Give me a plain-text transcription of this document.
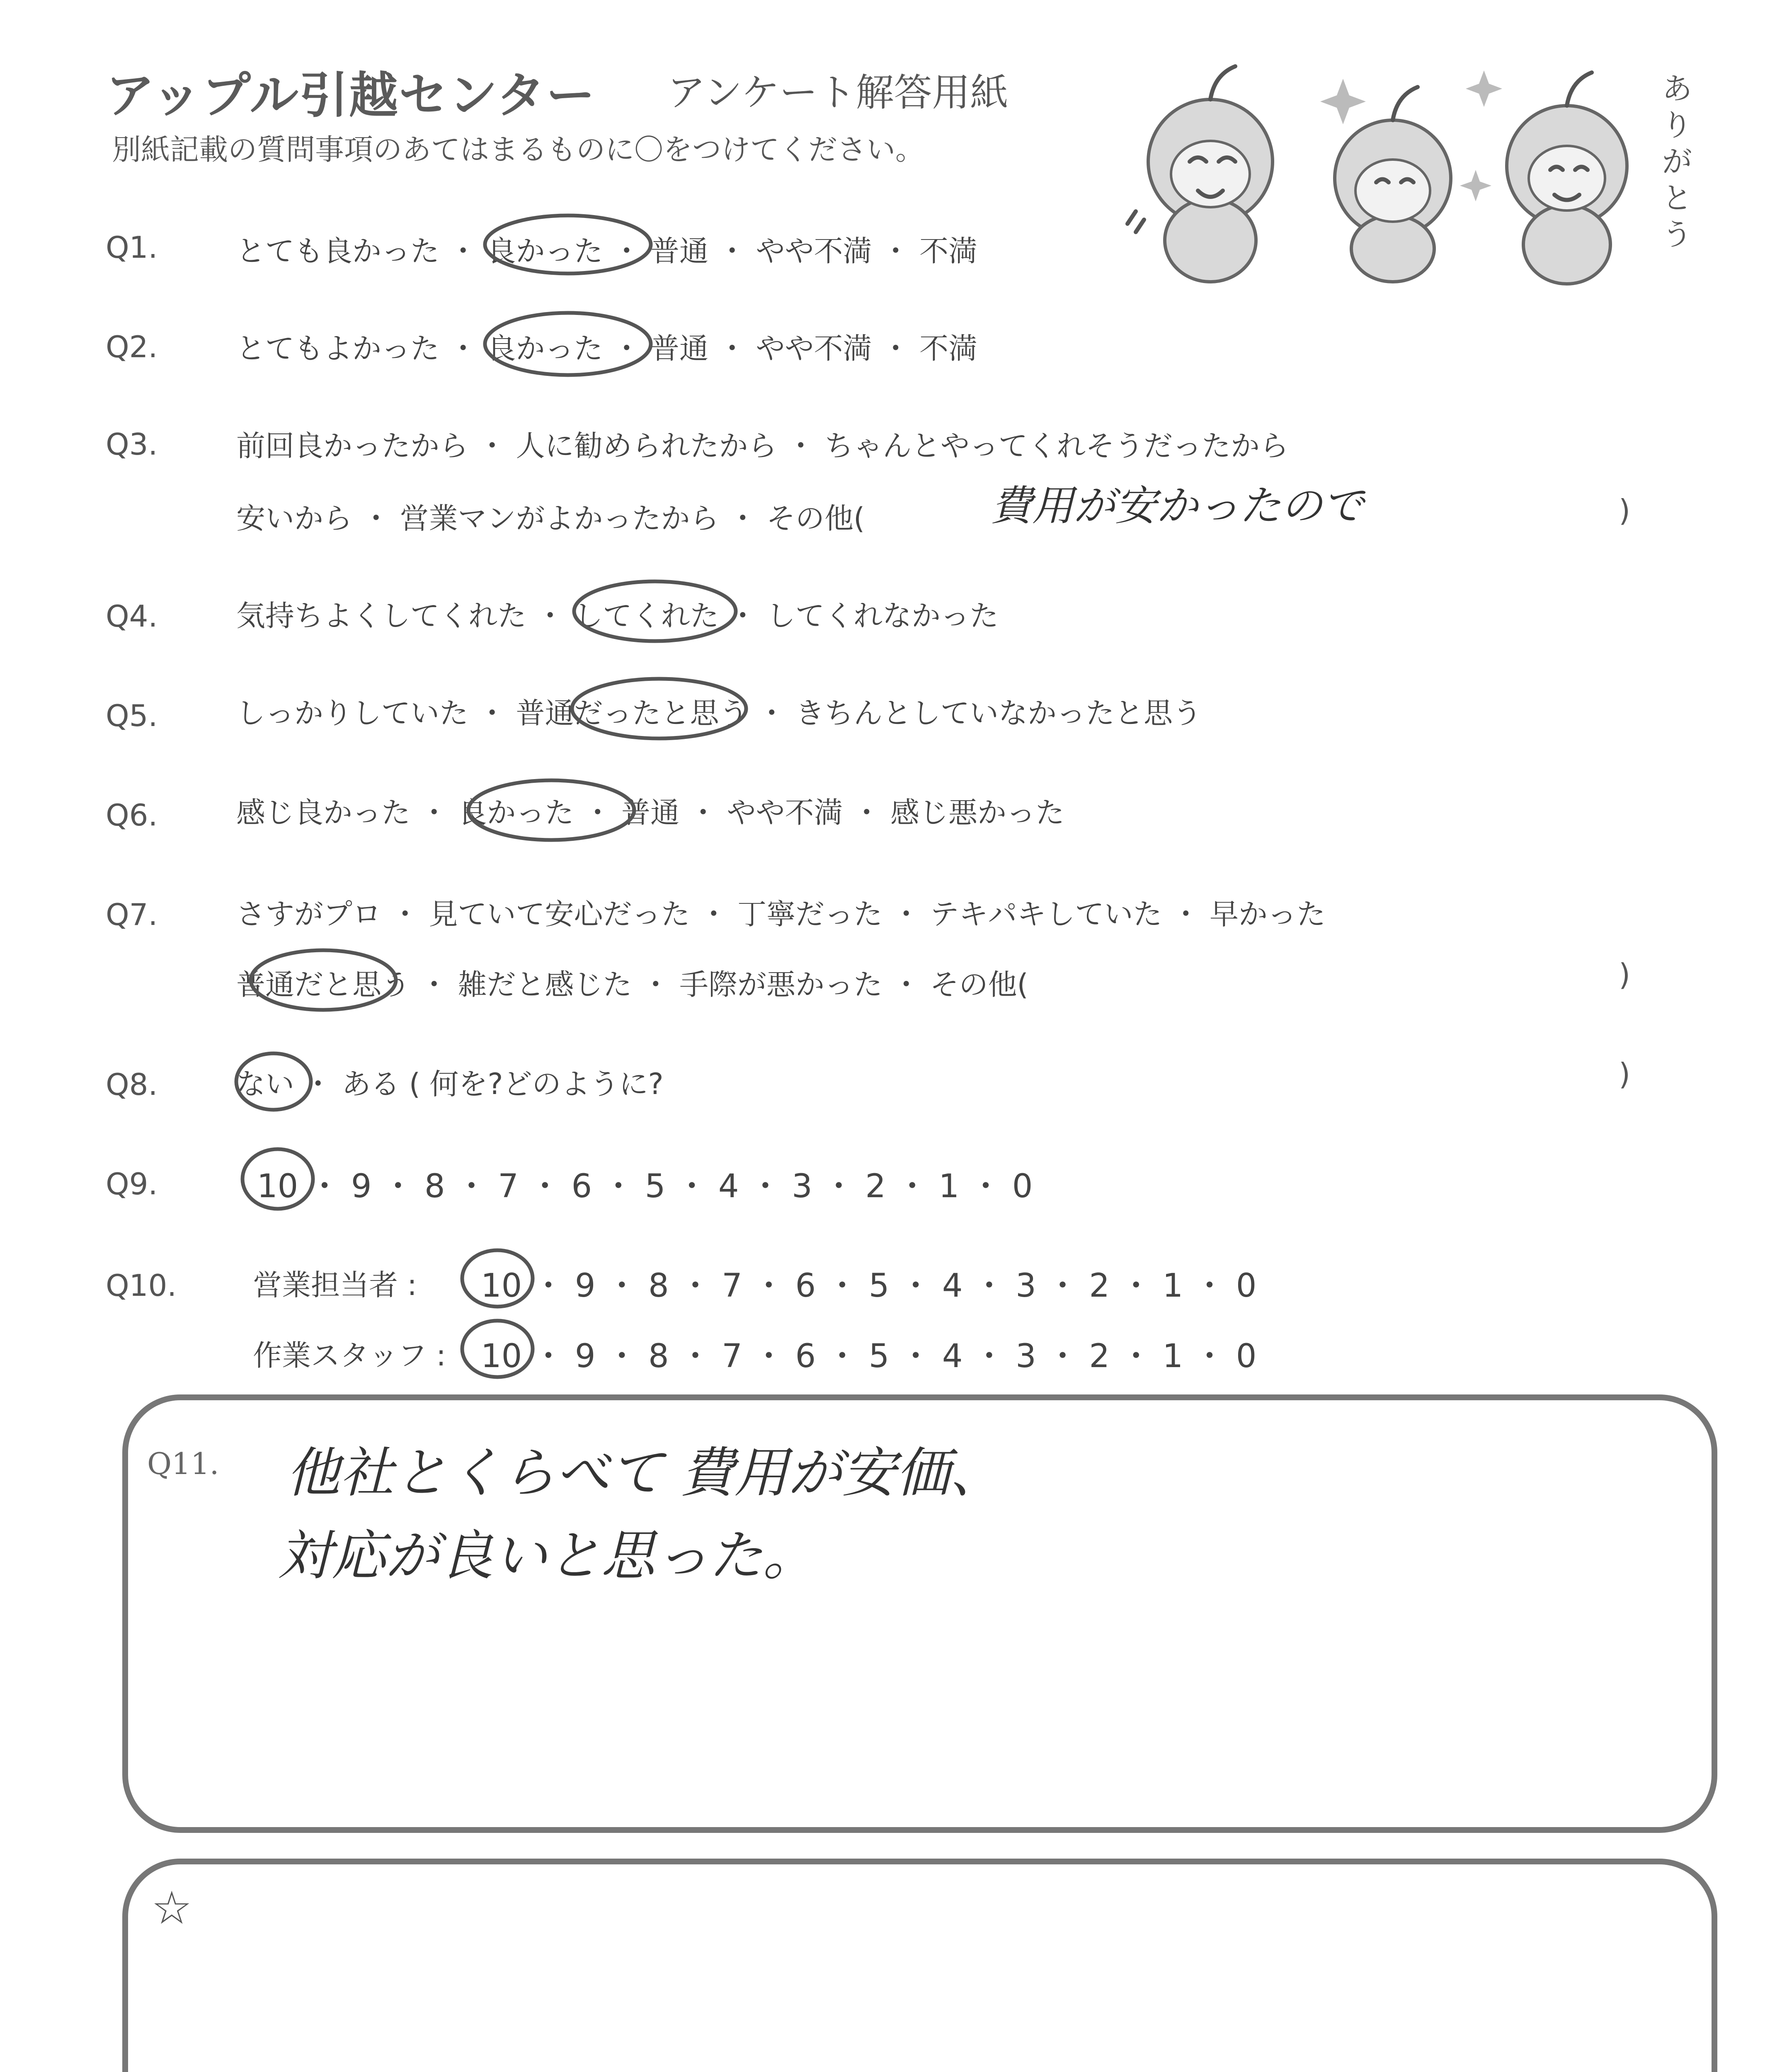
アップル引越センター アンケート解答用紙
別紙記載の質問事項のあてはまるものに〇をつけてください。
ありがとう
Q1.	とても良かった ・ 良かった ・ 普通 ・ やや不満 ・ 不満
Q2.	とてもよかった ・ 良かった ・ 普通 ・ やや不満 ・ 不満
Q3.	前回良かったから ・ 人に勧められたから ・ ちゃんとやってくれそうだったから
安いから ・ 営業マンがよかったから ・ その他(	費用が安かったので	)
Q4.	気持ちよくしてくれた ・ してくれた ・ してくれなかった
Q5.	しっかりしていた ・ 普通だったと思う ・ きちんとしていなかったと思う
Q6.	感じ良かった ・ 良かった ・ 普通 ・ やや不満 ・ 感じ悪かった
Q7.	さすがプロ ・ 見ていて安心だった ・ 丁寧だった ・ テキパキしていた ・ 早かった
普通だと思う ・ 雑だと感じた ・ 手際が悪かった ・ その他(	)
Q8.	ない ・ ある ( 何を?どのように?	)
Q9.	10 ・ 9 ・ 8 ・ 7 ・ 6 ・ 5 ・ 4 ・ 3 ・ 2 ・ 1 ・ 0
Q10.	営業担当者 : 10 ・ 9 ・ 8 ・ 7 ・ 6 ・ 5 ・ 4 ・ 3 ・ 2 ・ 1 ・ 0
作業スタッフ : 10 ・ 9 ・ 8 ・ 7 ・ 6 ・ 5 ・ 4 ・ 3 ・ 2 ・ 1 ・ 0
Q11. 他社とくらべて 費用が安価、
対応が良いと思った。
☆
